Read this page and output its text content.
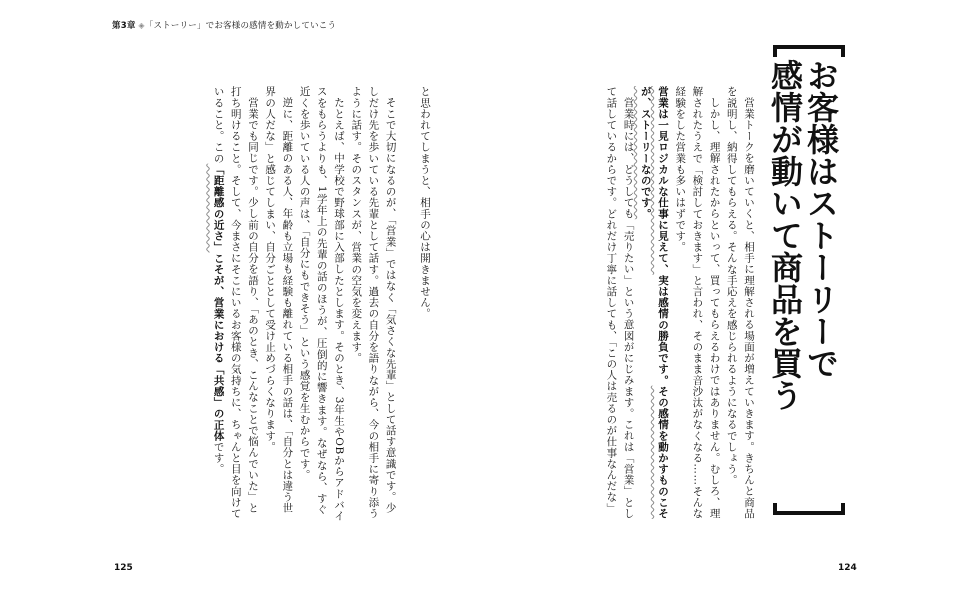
第3章 ◈「ストーリー」でお客様の感情を動かしていこう

と思われてしまうと、相手の心は開きません。

そこで大切になるのが、「営業」ではなく「気さくな先輩」として話す意識です。少しだけ先を歩いている先輩として話す。過去の自分を語りながら、今の相手に寄り添うように話す。そのスタンスが、営業の空気を変えます。

たとえば、中学校で野球部に入部したとします。そのとき、3年生やOBからアドバイスをもらうよりも、1学年上の先輩の話のほうが、圧倒的に響きます。なぜなら、すぐ近くを歩いている人の声は、「自分にもできそう」という感覚を生むからです。

逆に、距離のある人、年齢も立場も経験も離れている相手の話は、「自分とは違う世界の人だな」と感じてしまい、自分ごととして受け止めづらくなります。

営業でも同じです。少し前の自分を語り、「あのとき、こんなことで悩んでいた」と打ち明けること。そして、今まさにそこにいるお客様の気持ちに、ちゃんと目を向けていること。この「距離感の近さ」こそが、営業における「共感」の正体です。	営業トークを磨いていくと、相手に理解される場面が増えていきます。きちんと商品を説明し、納得してもらえる。そんな手応えを感じられるようになるでしょう。

しかし、理解されたからといって、買ってもらえるわけではありません。むしろ、理解されたうえで「検討しておきます」と言われ、そのまま音沙汰がなくなる……そんな経験をした営業も多いはずです。

営業は一見ロジカルな仕事に見えて、実は感情の勝負です。その感情を動かすものこそが、ストーリーなのです。

営業時には、どうしても「売りたい」という意図がにじみます。これは「営業」として話しているからです。どれだけ丁寧に話しても、「この人は売るのが仕事なんだな」	お客様はストーリーで
感情が動いて商品を買う
125	124
